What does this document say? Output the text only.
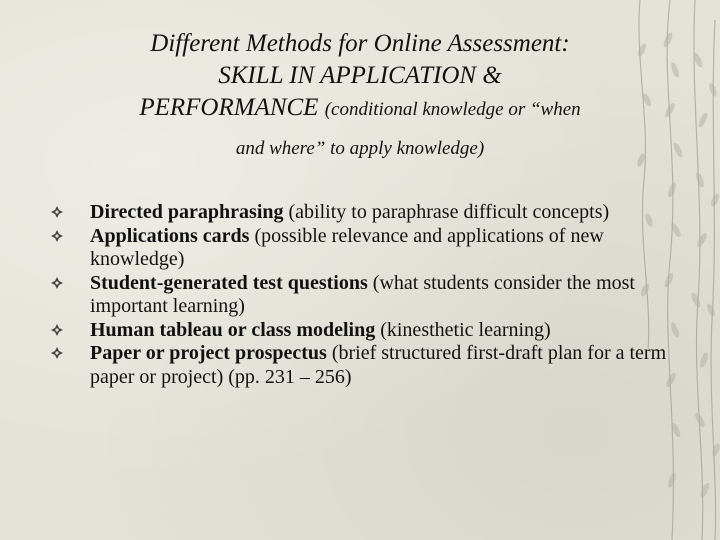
Different Methods for Online Assessment:
SKILL IN APPLICATION &
PERFORMANCE (conditional knowledge or “when
and where” to apply knowledge)
Directed paraphrasing (ability to paraphrase difficult concepts)
Applications cards (possible relevance and applications of new knowledge)
Student-generated test questions (what students consider the most important learning)
Human tableau or class modeling (kinesthetic learning)
Paper or project prospectus (brief structured first-draft plan for a term paper or project) (pp. 231 – 256)
